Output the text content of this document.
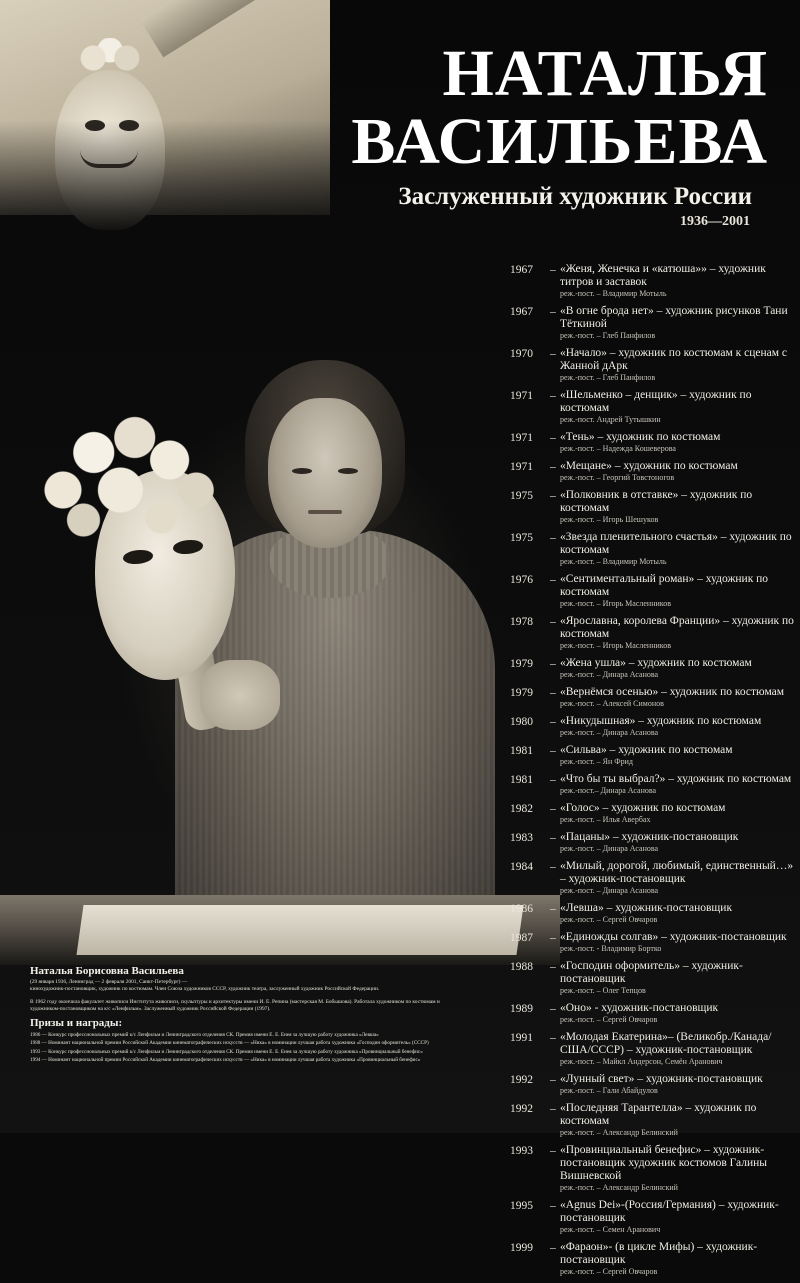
НАТАЛЬЯ
ВАСИЛЬЕВА
Заслуженный художник России
1936—2001
1967	– «Женя, Женечка и «катюша»» – художник титров и заставок
реж.-пост. – Владимир Мотыль
1967	– «В огне брода нет» – художник рисунков Тани Тёткиной
реж.-пост. – Глеб Панфилов
1970	– «Начало» – художник по костюмам к сценам с Жанной дАрк
реж.-пост. – Глеб Панфилов
1971	– «Шельменко – денщик» – художник по костюмам
реж.-пост. Андрей Тутышкин
1971	– «Тень» – художник по костюмам
реж.-пост. – Надежда Кошеверова
1971	– «Мещане» – художник по костюмам
реж.-пост. – Георгий Товстоногов
1975	– «Полковник в отставке» – художник по костюмам
реж.-пост. – Игорь Шешуков
1975	– «Звезда пленительного счастья» – художник по костюмам
реж.-пост. – Владимир Мотыль
1976	– «Сентиментальный роман» – художник по костюмам
реж.-пост. – Игорь Масленников
1978	– «Ярославна, королева Франции» – художник по костюмам
реж.-пост. – Игорь Масленников
1979	– «Жена ушла» – художник по костюмам
реж.-пост. – Динара Асанова
1979	– «Вернёмся осенью» – художник по костюмам
реж.-пост. – Алексей Симонов
1980	– «Никудышная» – художник по костюмам
реж.-пост. – Динара Асанова
1981	– «Сильва» – художник по костюмам
реж.-пост. – Ян Фрид
1981	– «Что бы ты выбрал?» – художник по костюмам
реж.-пост.– Динара Асанова
1982	– «Голос» – художник по костюмам
реж.-пост. – Илья Авербах
1983	– «Пацаны» – художник-постановщик
реж.-пост. – Динара Асанова
1984	– «Милый, дорогой, любимый, единственный…» – художник-постановщик
реж.-пост. – Динара Асанова
1986	– «Левша» – художник-постановщик
реж.-пост. – Сергей Овчаров
1987	– «Единожды солгав» – художник-постановщик
реж.-пост. - Владимир Бортко
1988	– «Господин оформитель» – художник-постановщик
реж.-пост. – Олег Тепцов
1989	– «Оно» - художник-постановщик
реж.-пост. – Сергей Овчаров
1991	– «Молодая Екатерина»– (Великобр./Канада/США/СССР) – художник-постановщик
реж.-пост. – Майкл Андерсон, Семён Аранович
1992	– «Лунный свет» – художник-постановщик
реж.-пост. – Гали Абайдулов
1992	– «Последняя Тарантелла» – художник по костюмам
реж.-пост. – Александр Белинский
1993	– «Провинциальный бенефис» – художник-постановщик художник костюмов Галины Вишневской
реж.-пост. – Александр Белинский
1995	– «Agnus Dei»-(Россия/Германия) – художник-постановщик
реж.-пост. – Семен Аранович
1999	– «Фараон»- (в цикле Мифы) – художник-постановщик
реж.-пост. – Сергей Овчаров
Наталья Борисовна Васильева

(29 января 1936, Ленинград — 2 февраля 2001, Санкт-Петербург) —

кинохудожник-постановщик, художник по костюмам. Член Союза художников СССР, художник театра, заслуженный художник Российской Федерации.

В 1962 году окончила факультет живописи Института живописи, скульптуры и архитектуры имени И. Е. Репина (мастерская М. Бобышова). Работала художником по костюмам и

художником-постановщиком на к/с «Ленфильм». Заслуженный художник Российской Федерации (1997).

Призы и награды:

1986 — Конкурс профессиональных премий к/с Ленфильм и Ленинградского отделения СК. Премия имени Е. Е. Енея за лучшую работу художника «Левша»

1988 — Номинант национальной премии Российской Академии кинематографических искусств — «Ника» в номинации лучшая работа художника «Господин оформитель» (СССР)

1993 — Конкурс профессиональных премий к/с Ленфильм и Ленинградского отделения СК. Премия имени Е. Е. Енея за лучшую работу художника «Провинциальный бенефис»

1994 — Номинант национальной премии Российской Академии кинематографических искусств — «Ника» в номинации лучшая работа художника «Провинциальный бенефис»
